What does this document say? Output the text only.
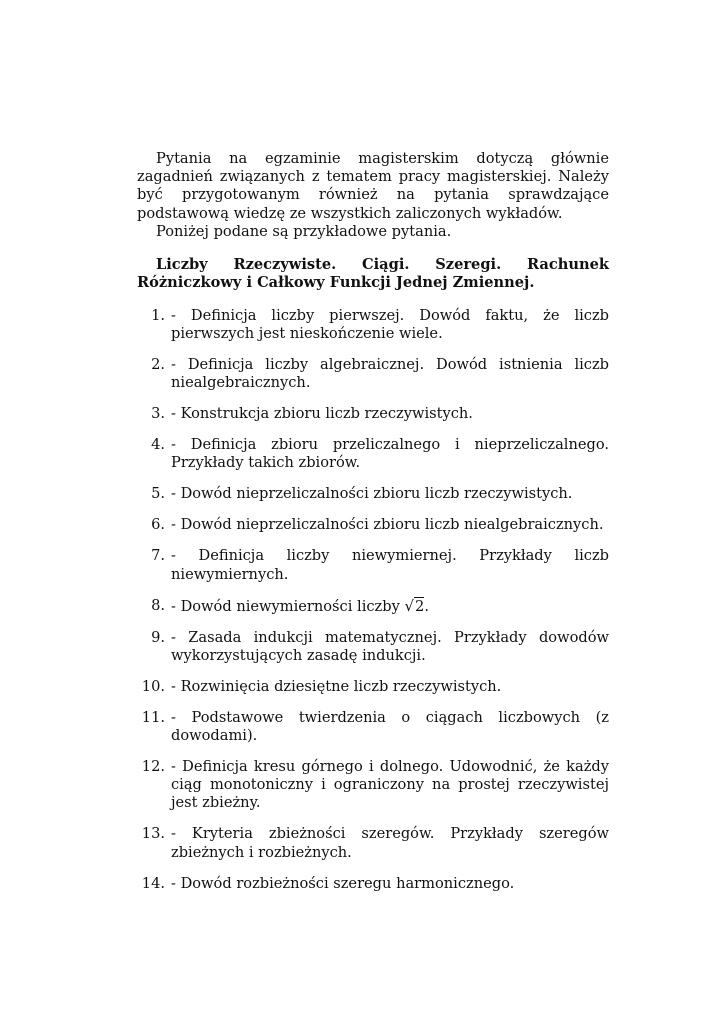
Pytania na egzaminie magisterskim dotyczą głównie zagadnień związanych z tematem pracy magisterskiej. Należy być przygotowanym również na pytania sprawdzające podstawową wiedzę ze wszystkich zaliczonych wykładów.

Poniżej podane są przykładowe pytania.

Liczby Rzeczywiste. Ciągi. Szeregi. Rachunek Różniczkowy i Całkowy Funkcji Jednej Zmiennej.

1. - Definicja liczby pierwszej. Dowód faktu, że liczb pierwszych jest nieskończenie wiele.
2. - Definicja liczby algebraicznej. Dowód istnienia liczb niealgebraicznych.
3. - Konstrukcja zbioru liczb rzeczywistych.
4. - Definicja zbioru przeliczalnego i nieprzeliczalnego. Przykłady takich zbiorów.
5. - Dowód nieprzeliczalności zbioru liczb rzeczywistych.
6. - Dowód nieprzeliczalności zbioru liczb niealgebraicznych.
7. - Definicja liczby niewymiernej. Przykłady liczb niewymiernych.
8. - Dowód niewymierności liczby √2.
9. - Zasada indukcji matematycznej. Przykłady dowodów wykorzystujących zasadę indukcji.
10. - Rozwinięcia dziesiętne liczb rzeczywistych.
11. - Podstawowe twierdzenia o ciągach liczbowych (z dowodami).
12. - Definicja kresu górnego i dolnego. Udowodnić, że każdy ciąg monotoniczny i ograniczony na prostej rzeczywistej jest zbieżny.
13. - Kryteria zbieżności szeregów. Przykłady szeregów zbieżnych i rozbieżnych.
14. - Dowód rozbieżności szeregu harmonicznego.
